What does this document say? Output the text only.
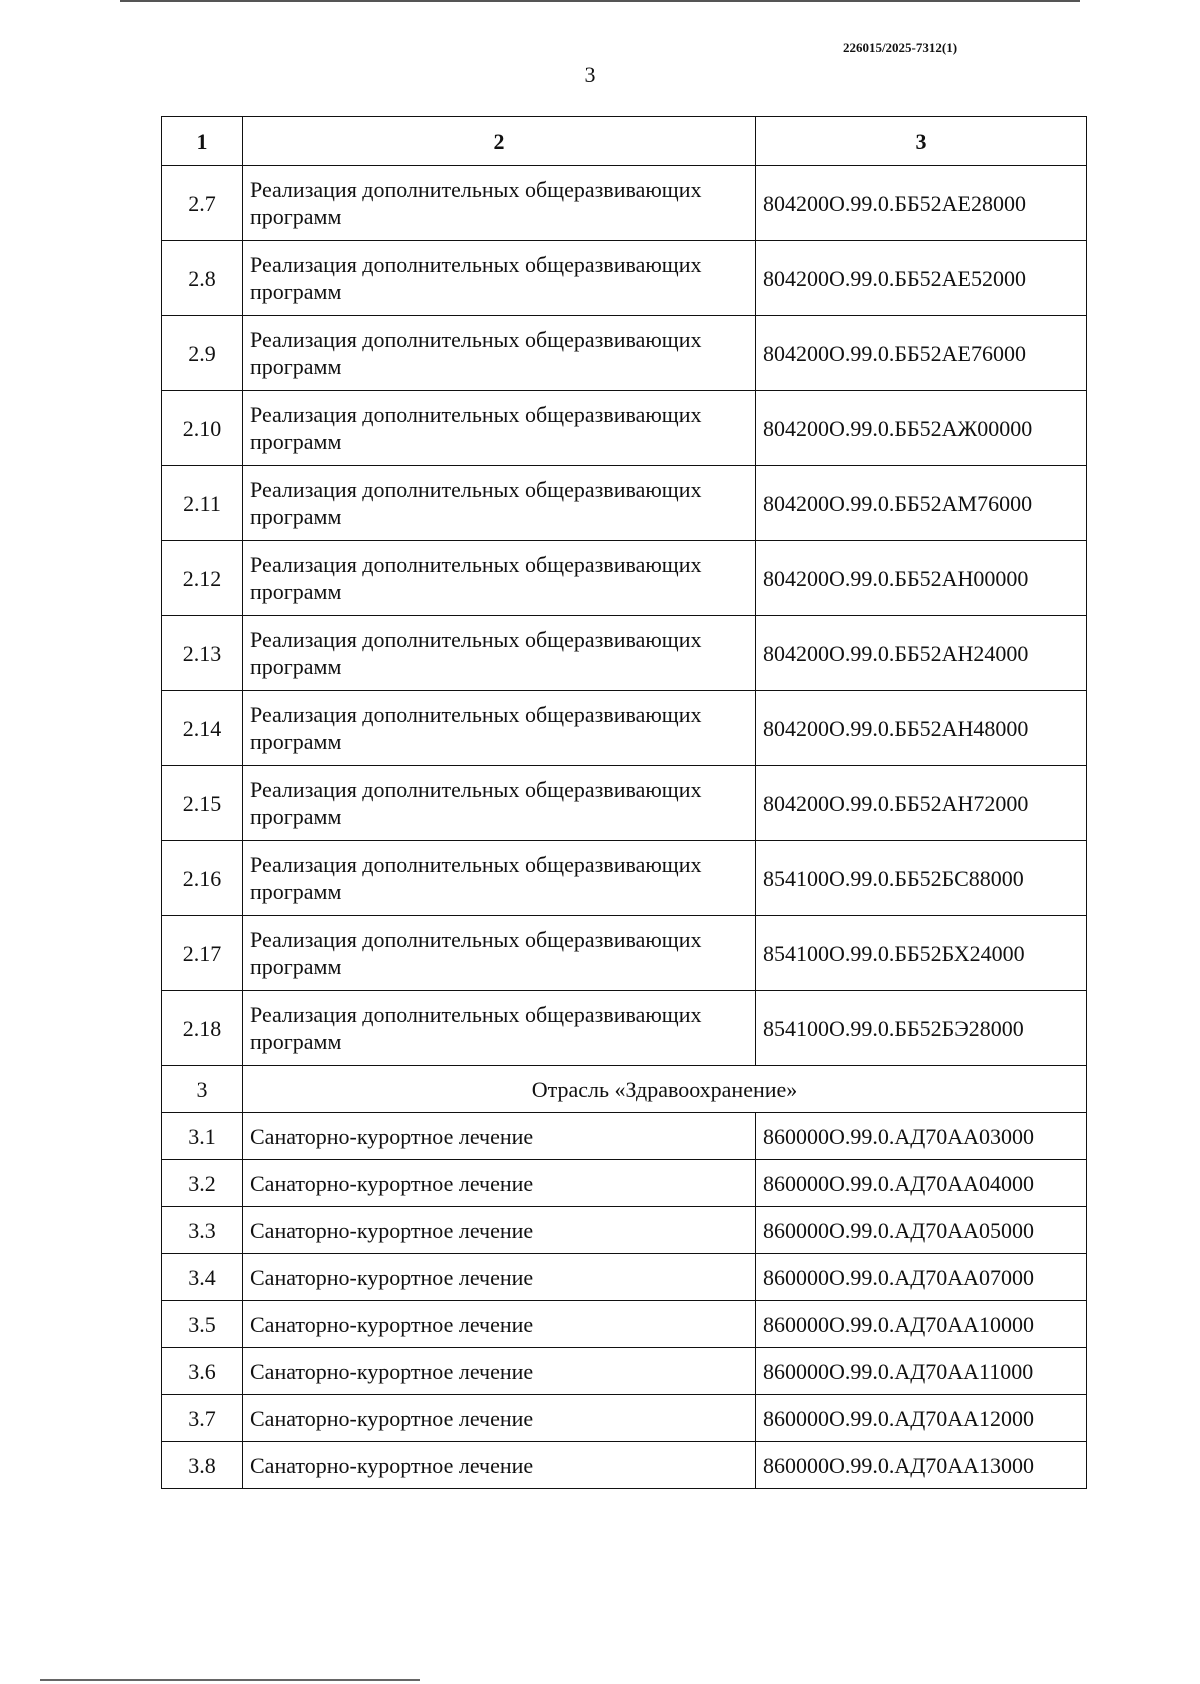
226015/2025-7312(1)
3
1	2	3
2.7	Реализация дополнительных общеразвивающих программ	804200О.99.0.ББ52АЕ28000
2.8	Реализация дополнительных общеразвивающих программ	804200О.99.0.ББ52АЕ52000
2.9	Реализация дополнительных общеразвивающих программ	804200О.99.0.ББ52АЕ76000
2.10	Реализация дополнительных общеразвивающих программ	804200О.99.0.ББ52АЖ00000
2.11	Реализация дополнительных общеразвивающих программ	804200О.99.0.ББ52АМ76000
2.12	Реализация дополнительных общеразвивающих программ	804200О.99.0.ББ52АН00000
2.13	Реализация дополнительных общеразвивающих программ	804200О.99.0.ББ52АН24000
2.14	Реализация дополнительных общеразвивающих программ	804200О.99.0.ББ52АН48000
2.15	Реализация дополнительных общеразвивающих программ	804200О.99.0.ББ52АН72000
2.16	Реализация дополнительных общеразвивающих программ	854100О.99.0.ББ52БС88000
2.17	Реализация дополнительных общеразвивающих программ	854100О.99.0.ББ52БХ24000
2.18	Реализация дополнительных общеразвивающих программ	854100О.99.0.ББ52БЭ28000
3	Отрасль «Здравоохранение»	
3.1	Санаторно-курортное лечение	860000О.99.0.АД70АА03000
3.2	Санаторно-курортное лечение	860000О.99.0.АД70АА04000
3.3	Санаторно-курортное лечение	860000О.99.0.АД70АА05000
3.4	Санаторно-курортное лечение	860000О.99.0.АД70АА07000
3.5	Санаторно-курортное лечение	860000О.99.0.АД70АА10000
3.6	Санаторно-курортное лечение	860000О.99.0.АД70АА11000
3.7	Санаторно-курортное лечение	860000О.99.0.АД70АА12000
3.8	Санаторно-курортное лечение	860000О.99.0.АД70АА13000
